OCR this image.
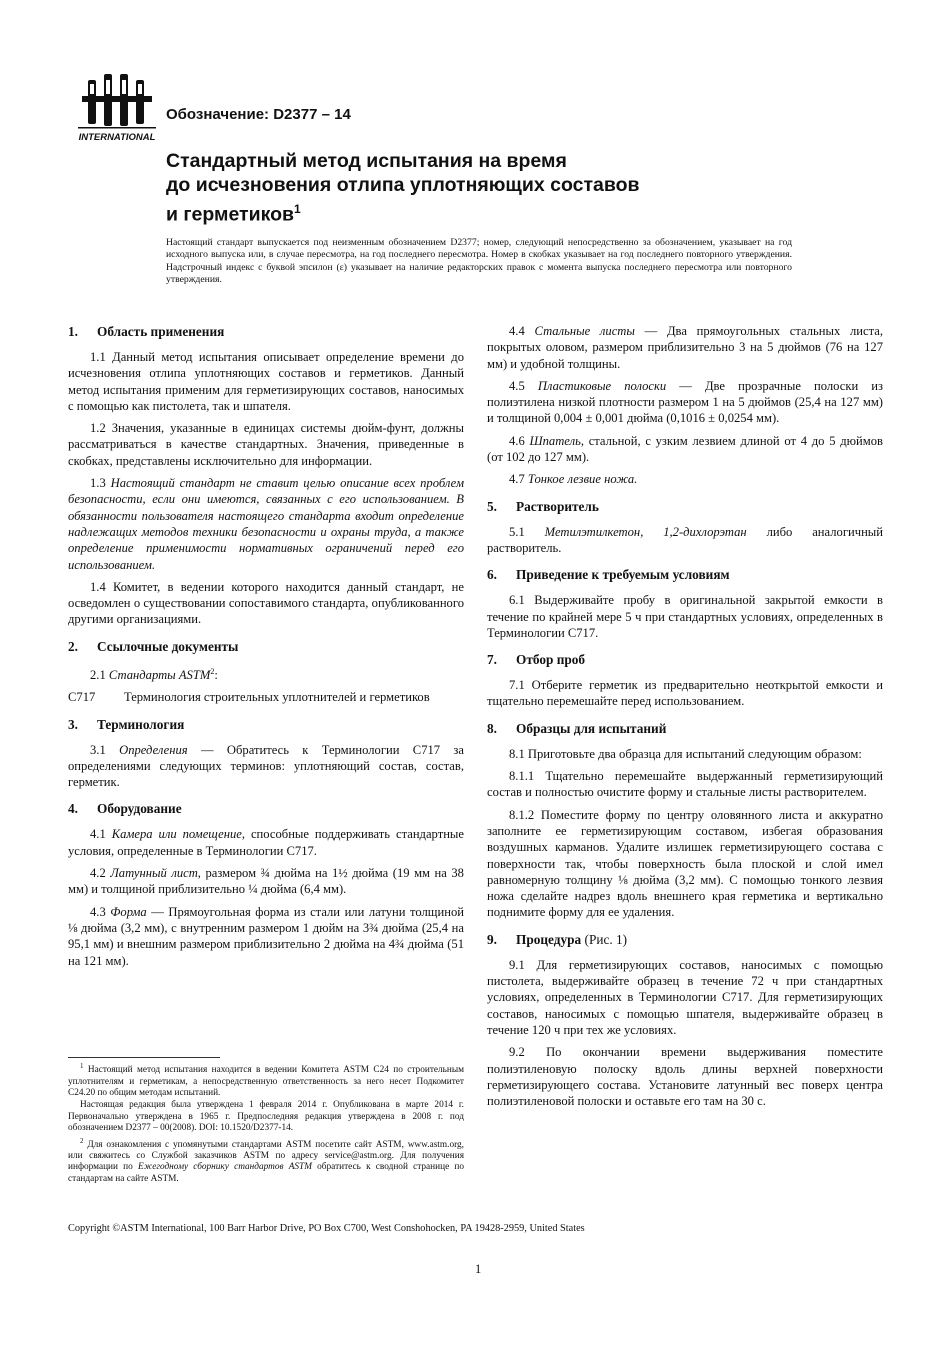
INTERNATIONAL
Обозначение: D2377 – 14
Стандартный метод испытания на время
до исчезновения отлипа уплотняющих составов
и герметиков$^1$
Настоящий стандарт выпускается под неизменным обозначением D2377; номер, следующий непосредственно за обозначением, указывает на год исходного выпуска или, в случае пересмотра, на год последнего пересмотра. Номер в скобках указывает на год последнего повторного утверждения. Надстрочный индекс с буквой эпсилон (ε) указывает на наличие редакторских правок с момента выпуска последнего пересмотра или повторного утверждения.
1. Область применения

1.1 Данный метод испытания описывает определение времени до исчезновения отлипа уплотняющих составов и герметиков. Данный метод испытания применим для герметизирующих составов, наносимых с помощью как пистолета, так и шпателя.

1.2 Значения, указанные в единицах системы дюйм-фунт, должны рассматриваться в качестве стандартных. Значения, приведенные в скобках, представлены исключительно для информации.

1.3 Настоящий стандарт не ставит целью описание всех проблем безопасности, если они имеются, связанных с его использованием. В обязанности пользователя настоящего стандарта входит определение надлежащих методов техники безопасности и охраны труда, а также определение применимости нормативных ограничений перед его использованием.

1.4 Комитет, в ведении которого находится данный стандарт, не осведомлен о существовании сопоставимого стандарта, опубликованного другими организациями.

2. Ссылочные документы

2.1 Стандарты ASTM$^2$:

C717	Терминология строительных уплотнителей и герметиков
3. Терминология

3.1 Определения — Обратитесь к Терминологии С717 за определениями следующих терминов: уплотняющий состав, состав, герметик.

4. Оборудование

4.1 Камера или помещение, способные поддерживать стандартные условия, определенные в Терминологии С717.

4.2 Латунный лист, размером ¾ дюйма на 1½ дюйма (19 мм на 38 мм) и толщиной приблизительно ¼ дюйма (6,4 мм).

4.3 Форма — Прямоугольная форма из стали или латуни толщиной ⅛ дюйма (3,2 мм), с внутренним размером 1 дюйм на 3¾ дюйма (25,4 на 95,1 мм) и внешним размером приблизительно 2 дюйма на 4¾ дюйма (51 на 121 мм).

$^1$ Настоящий метод испытания находится в ведении Комитета ASTM C24 по строительным уплотнителям и герметикам, а непосредственную ответственность за него несет Подкомитет C24.20 по общим методам испытаний.

Настоящая редакция была утверждена 1 февраля 2014 г. Опубликована в марте 2014 г. Первоначально утверждена в 1965 г. Предпоследняя редакция утверждена в 2008 г. под обозначением D2377 – 00(2008). DOI: 10.1520/D2377-14.

$^2$ Для ознакомления с упомянутыми стандартами ASTM посетите сайт ASTM, www.astm.org, или свяжитесь со Службой заказчиков ASTM по адресу service@astm.org. Для получения информации по Ежегодному сборнику стандартов ASTM обратитесь к сводной странице по стандартам на сайте ASTM.

4.4 Стальные листы — Два прямоугольных стальных листа, покрытых оловом, размером приблизительно 3 на 5 дюймов (76 на 127 мм) и удобной толщины.

4.5 Пластиковые полоски — Две прозрачные полоски из полиэтилена низкой плотности размером 1 на 5 дюймов (25,4 на 127 мм) и толщиной 0,004 ± 0,001 дюйма (0,1016 ± 0,0254 мм).

4.6 Шпатель, стальной, с узким лезвием длиной от 4 до 5 дюймов (от 102 до 127 мм).

4.7 Тонкое лезвие ножа.

5. Растворитель

5.1 Метилэтилкетон, 1,2-дихлорэтан либо аналогичный растворитель.

6. Приведение к требуемым условиям

6.1 Выдерживайте пробу в оригинальной закрытой емкости в течение по крайней мере 5 ч при стандартных условиях, определенных в Терминологии С717.

7. Отбор проб

7.1 Отберите герметик из предварительно неоткрытой емкости и тщательно перемешайте перед использованием.

8. Образцы для испытаний

8.1 Приготовьте два образца для испытаний следующим образом:

8.1.1 Тщательно перемешайте выдержанный герметизирующий состав и полностью очистите форму и стальные листы растворителем.

8.1.2 Поместите форму по центру оловянного листа и аккуратно заполните ее герметизирующим составом, избегая образования воздушных карманов. Удалите излишек герметизирующего состава с поверхности так, чтобы поверхность была плоской и слой имел равномерную толщину ⅛ дюйма (3,2 мм). С помощью тонкого лезвия ножа сделайте надрез вдоль внешнего края герметика и вертикально поднимите форму для ее удаления.

9. Процедура (Рис. 1)

9.1 Для герметизирующих составов, наносимых с помощью пистолета, выдерживайте образец в течение 72 ч при стандартных условиях, определенных в Терминологии С717. Для герметизирующих составов, наносимых с помощью шпателя, выдерживайте образец в течение 120 ч при тех же условиях.

9.2 По окончании времени выдерживания поместите полиэтиленовую полоску вдоль длины верхней поверхности герметизирующего состава. Установите латунный вес поверх центра полиэтиленовой полоски и оставьте его там на 30 с.

Copyright ©ASTM International, 100 Barr Harbor Drive, PO Box C700, West Conshohocken, PA 19428-2959, United States
1
